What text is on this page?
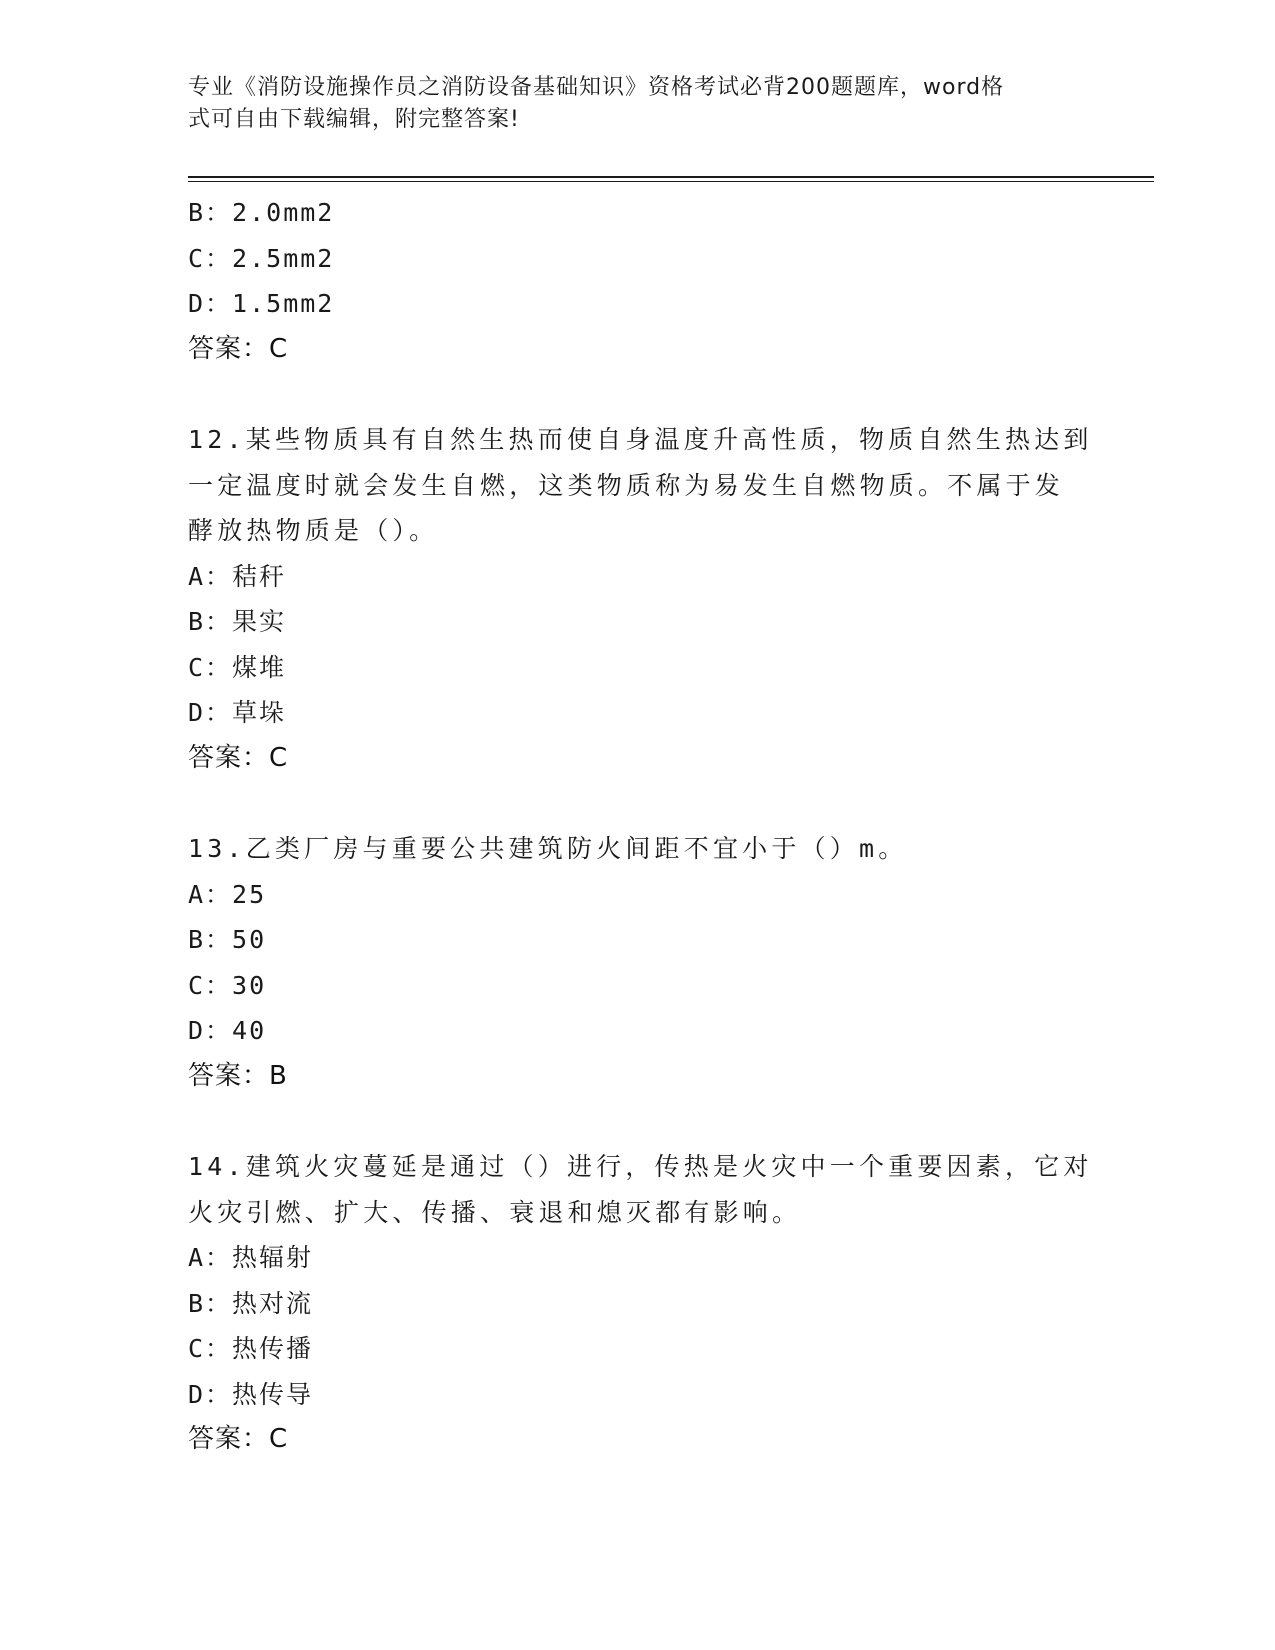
专业《消防设施操作员之消防设备基础知识》资格考试必背200题题库，word格
式可自由下载编辑，附完整答案!
B：2.0mm2
C：2.5mm2
D：1.5mm2
答案：C
12.某些物质具有自然生热而使自身温度升高性质，物质自然生热达到
一定温度时就会发生自燃，这类物质称为易发生自燃物质。不属于发
酵放热物质是（）。
A：秸秆
B：果实
C：煤堆
D：草垛
答案：C
13.乙类厂房与重要公共建筑防火间距不宜小于（）m。
A：25
B：50
C：30
D：40
答案：B
14.建筑火灾蔓延是通过（）进行，传热是火灾中一个重要因素，它对
火灾引燃、扩大、传播、衰退和熄灭都有影响。
A：热辐射
B：热对流
C：热传播
D：热传导
答案：C
